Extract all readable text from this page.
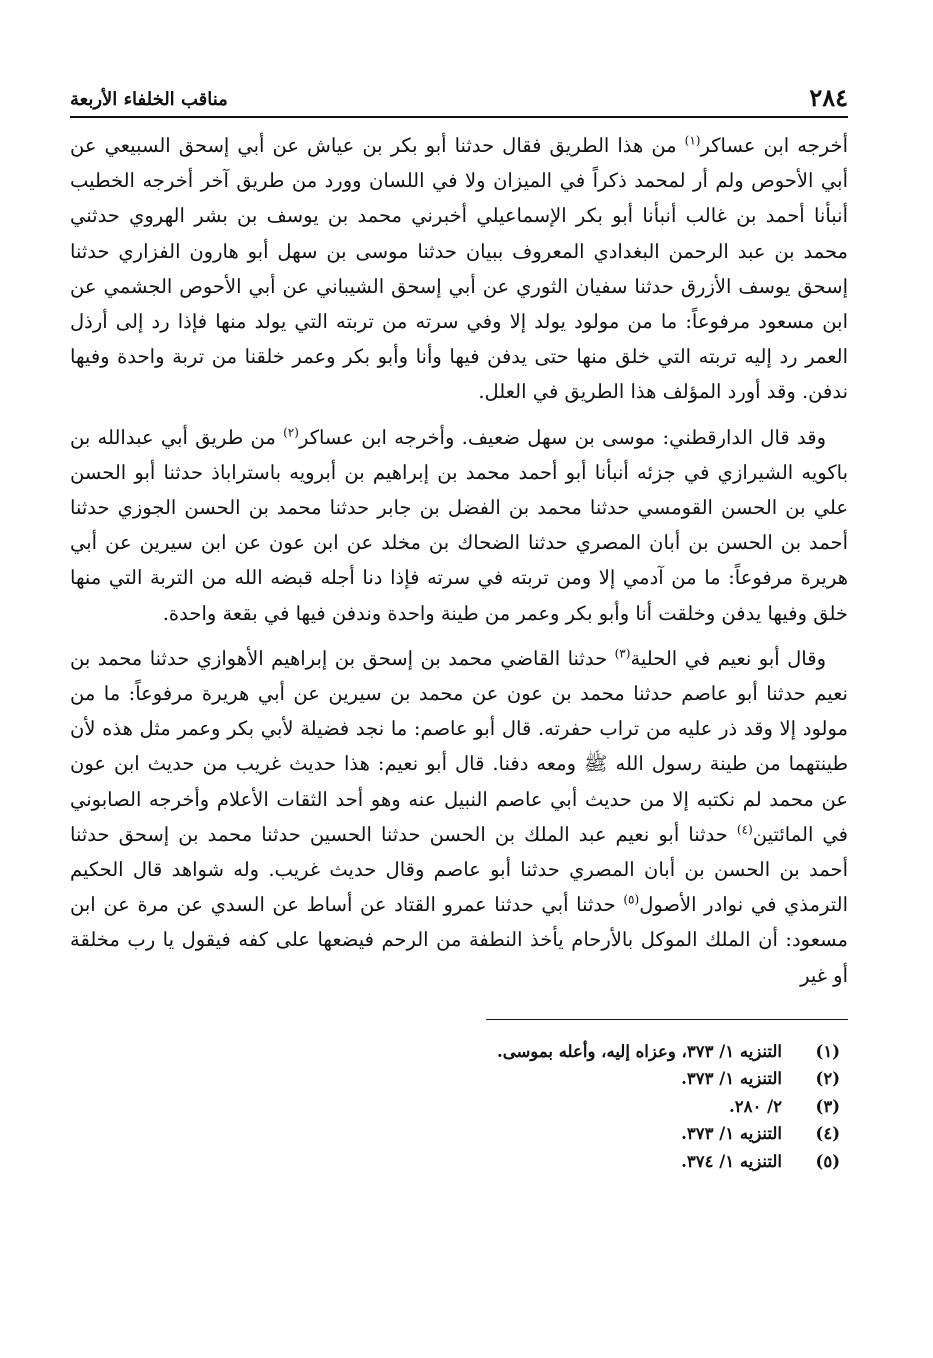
٢٨٤
مناقب الخلفاء الأربعة

أخرجه ابن عساكر$^{(١)}$ من هذا الطريق فقال حدثنا أبو بكر بن عياش عن أبي إسحق السبيعي عن أبي الأحوص ولم أر لمحمد ذكراً في الميزان ولا في اللسان وورد من طريق آخر أخرجه الخطيب أنبأنا أحمد بن غالب أنبأنا أبو بكر الإسماعيلي أخبرني محمد بن يوسف بن بشر الهروي حدثني محمد بن عبد الرحمن البغدادي المعروف ببيان حدثنا موسى بن سهل أبو هارون الفزاري حدثنا إسحق يوسف الأزرق حدثنا سفيان الثوري عن أبي إسحق الشيباني عن أبي الأحوص الجشمي عن ابن مسعود مرفوعاً: ما من مولود يولد إلا وفي سرته من تربته التي يولد منها فإذا رد إلى أرذل العمر رد إليه تربته التي خلق منها حتى يدفن فيها وأنا وأبو بكر وعمر خلقنا من تربة واحدة وفيها ندفن. وقد أورد المؤلف هذا الطريق في العلل.

وقد قال الدارقطني: موسى بن سهل ضعيف. وأخرجه ابن عساكر$^{(٢)}$ من طريق أبي عبدالله بن باكويه الشيرازي في جزئه أنبأنا أبو أحمد محمد بن إبراهيم بن أبرويه باستراباذ حدثنا أبو الحسن علي بن الحسن القومسي حدثنا محمد بن الفضل بن جابر حدثنا محمد بن الحسن الجوزي حدثنا أحمد بن الحسن بن أبان المصري حدثنا الضحاك بن مخلد عن ابن عون عن ابن سيرين عن أبي هريرة مرفوعاً: ما من آدمي إلا ومن تربته في سرته فإذا دنا أجله قبضه الله من التربة التي منها خلق وفيها يدفن وخلقت أنا وأبو بكر وعمر من طينة واحدة وندفن فيها في بقعة واحدة.

وقال أبو نعيم في الحلية$^{(٣)}$ حدثنا القاضي محمد بن إسحق بن إبراهيم الأهوازي حدثنا محمد بن نعيم حدثنا أبو عاصم حدثنا محمد بن عون عن محمد بن سيرين عن أبي هريرة مرفوعاً: ما من مولود إلا وقد ذر عليه من تراب حفرته. قال أبو عاصم: ما نجد فضيلة لأبي بكر وعمر مثل هذه لأن طينتهما من طينة رسول الله ﷺ ومعه دفنا. قال أبو نعيم: هذا حديث غريب من حديث ابن عون عن محمد لم نكتبه إلا من حديث أبي عاصم النبيل عنه وهو أحد الثقات الأعلام وأخرجه الصابوني في المائتين$^{(٤)}$ حدثنا أبو نعيم عبد الملك بن الحسن حدثنا الحسين حدثنا محمد بن إسحق حدثنا أحمد بن الحسن بن أبان المصري حدثنا أبو عاصم وقال حديث غريب. وله شواهد قال الحكيم الترمذي في نوادر الأصول$^{(٥)}$ حدثنا أبي حدثنا عمرو القتاد عن أساط عن السدي عن مرة عن ابن مسعود: أن الملك الموكل بالأرحام يأخذ النطفة من الرحم فيضعها على كفه فيقول يا رب مخلقة أو غير

(١)
التنزيه ١/ ٣٧٣، وعزاه إليه، وأعله بموسى.
(٢)
التنزيه ١/ ٣٧٣.
(٣)
٢/ ٢٨٠.
(٤)
التنزيه ١/ ٣٧٣.
(٥)
التنزيه ١/ ٣٧٤.
